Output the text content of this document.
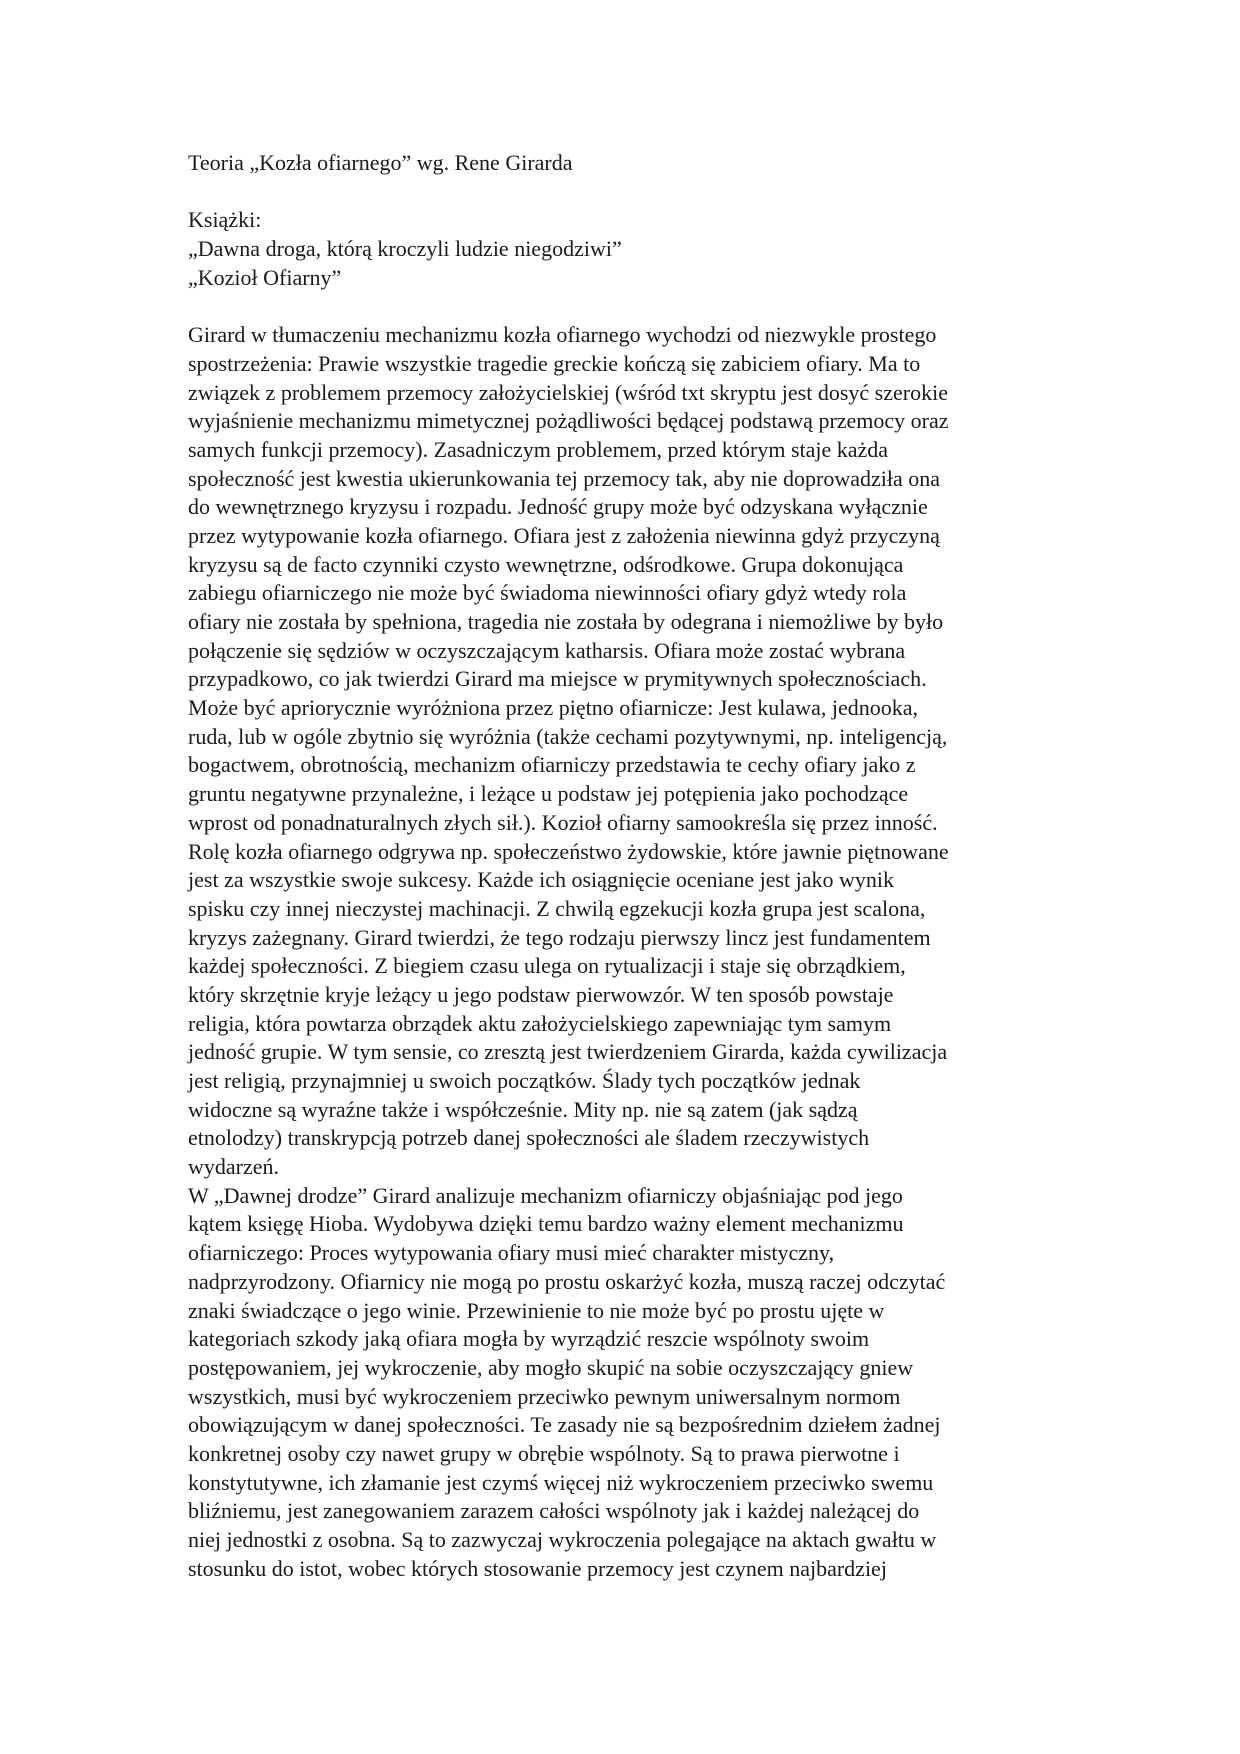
Teoria „Kozła ofiarnego” wg. Rene Girarda
Książki:
„Dawna droga, którą kroczyli ludzie niegodziwi”
„Kozioł Ofiarny”
Girard w tłumaczeniu mechanizmu kozła ofiarnego wychodzi od niezwykle prostego
spostrzeżenia: Prawie wszystkie tragedie greckie kończą się zabiciem ofiary. Ma to
związek z problemem przemocy założycielskiej (wśród txt skryptu jest dosyć szerokie
wyjaśnienie mechanizmu mimetycznej pożądliwości będącej podstawą przemocy oraz
samych funkcji przemocy). Zasadniczym problemem, przed którym staje każda
społeczność jest kwestia ukierunkowania tej przemocy tak, aby nie doprowadziła ona
do wewnętrznego kryzysu i rozpadu. Jedność grupy może być odzyskana wyłącznie
przez wytypowanie kozła ofiarnego. Ofiara jest z założenia niewinna gdyż przyczyną
kryzysu są de facto czynniki czysto wewnętrzne, odśrodkowe. Grupa dokonująca
zabiegu ofiarniczego nie może być świadoma niewinności ofiary gdyż wtedy rola
ofiary nie została by spełniona, tragedia nie została by odegrana i niemożliwe by było
połączenie się sędziów w oczyszczającym katharsis. Ofiara może zostać wybrana
przypadkowo, co jak twierdzi Girard ma miejsce w prymitywnych społecznościach.
Może być apriorycznie wyróżniona przez piętno ofiarnicze: Jest kulawa, jednooka,
ruda, lub w ogóle zbytnio się wyróżnia (także cechami pozytywnymi, np. inteligencją,
bogactwem, obrotnością, mechanizm ofiarniczy przedstawia te cechy ofiary jako z
gruntu negatywne przynależne, i leżące u podstaw jej potępienia jako pochodzące
wprost od ponadnaturalnych złych sił.). Kozioł ofiarny samookreśla się przez inność.
Rolę kozła ofiarnego odgrywa np. społeczeństwo żydowskie, które jawnie piętnowane
jest za wszystkie swoje sukcesy. Każde ich osiągnięcie oceniane jest jako wynik
spisku czy innej nieczystej machinacji. Z chwilą egzekucji kozła grupa jest scalona,
kryzys zażegnany. Girard twierdzi, że tego rodzaju pierwszy lincz jest fundamentem
każdej społeczności. Z biegiem czasu ulega on rytualizacji i staje się obrządkiem,
który skrzętnie kryje leżący u jego podstaw pierwowzór. W ten sposób powstaje
religia, która powtarza obrządek aktu założycielskiego zapewniając tym samym
jedność grupie. W tym sensie, co zresztą jest twierdzeniem Girarda, każda cywilizacja
jest religią, przynajmniej u swoich początków. Ślady tych początków jednak
widoczne są wyraźne także i współcześnie. Mity np. nie są zatem (jak sądzą
etnolodzy) transkrypcją potrzeb danej społeczności ale śladem rzeczywistych
wydarzeń.
W „Dawnej drodze” Girard analizuje mechanizm ofiarniczy objaśniając pod jego
kątem księgę Hioba. Wydobywa dzięki temu bardzo ważny element mechanizmu
ofiarniczego: Proces wytypowania ofiary musi mieć charakter mistyczny,
nadprzyrodzony. Ofiarnicy nie mogą po prostu oskarżyć kozła, muszą raczej odczytać
znaki świadczące o jego winie. Przewinienie to nie może być po prostu ujęte w
kategoriach szkody jaką ofiara mogła by wyrządzić reszcie wspólnoty swoim
postępowaniem, jej wykroczenie, aby mogło skupić na sobie oczyszczający gniew
wszystkich, musi być wykroczeniem przeciwko pewnym uniwersalnym normom
obowiązującym w danej społeczności. Te zasady nie są bezpośrednim dziełem żadnej
konkretnej osoby czy nawet grupy w obrębie wspólnoty. Są to prawa pierwotne i
konstytutywne, ich złamanie jest czymś więcej niż wykroczeniem przeciwko swemu
bliźniemu, jest zanegowaniem zarazem całości wspólnoty jak i każdej należącej do
niej jednostki z osobna. Są to zazwyczaj wykroczenia polegające na aktach gwałtu w
stosunku do istot, wobec których stosowanie przemocy jest czynem najbardziej
